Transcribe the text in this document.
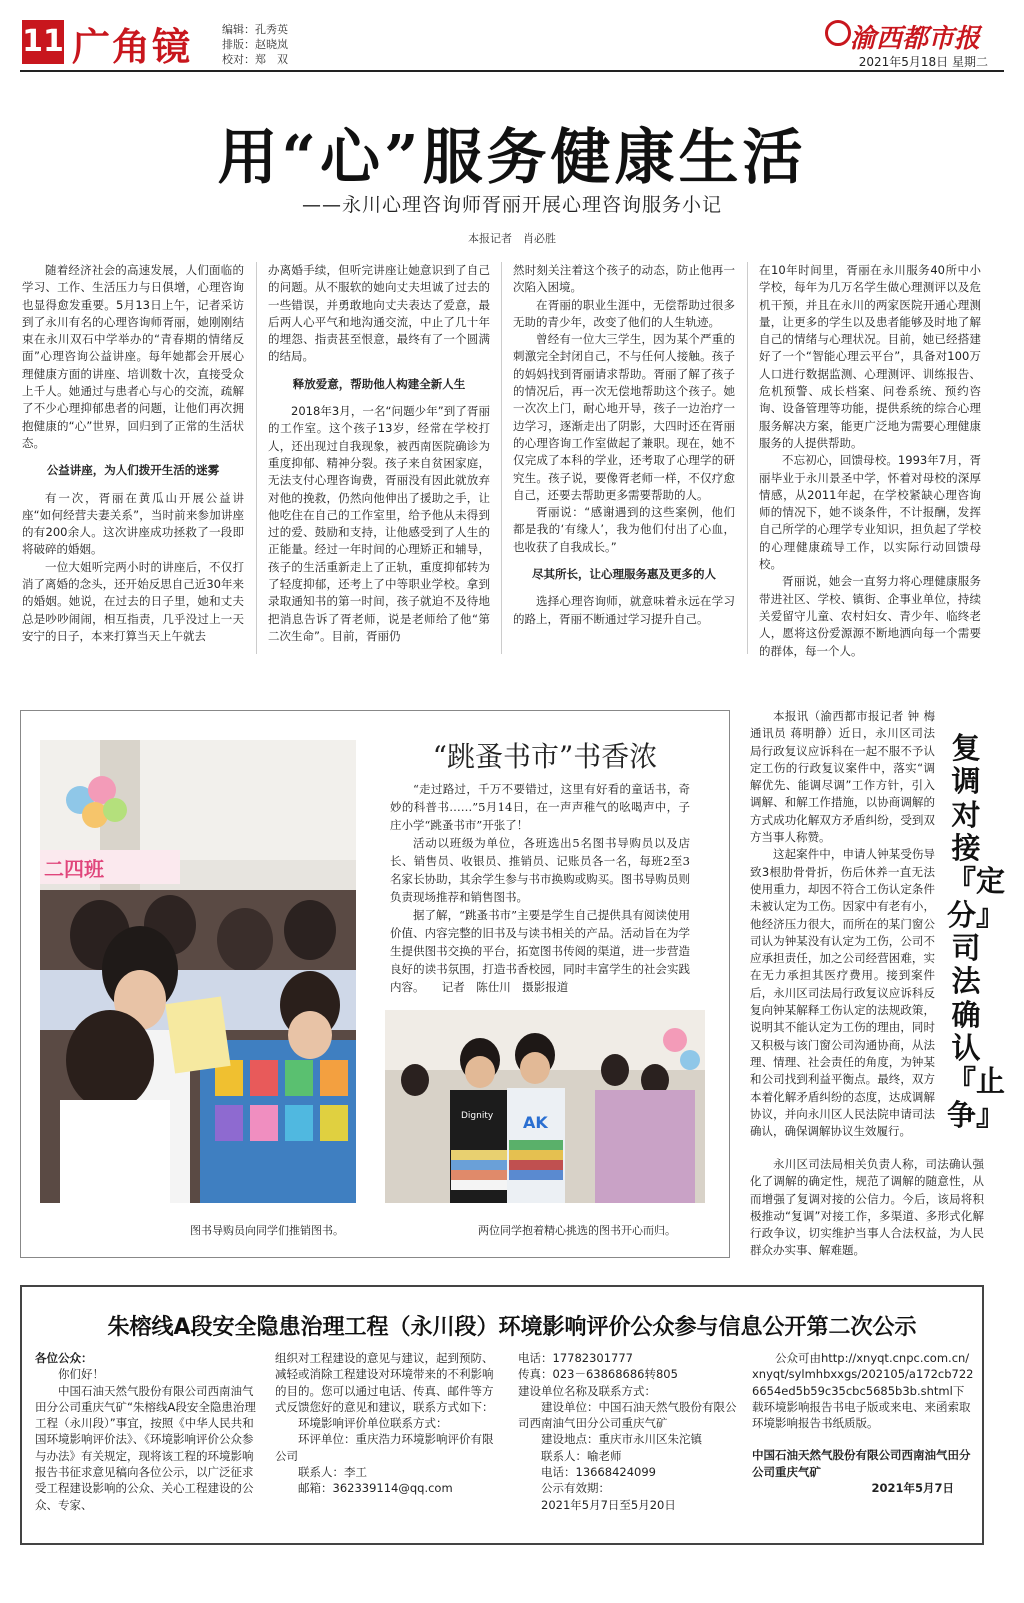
11 广角镜	编辑：孔秀英
排版：赵晓岚
校对：郑　双
渝西都市报
2021年5月18日 星期二
用“心”服务健康生活
——永川心理咨询师胥丽开展心理咨询服务小记
本报记者　肖必胜

随着经济社会的高速发展，人们面临的学习、工作、生活压力与日俱增，心理咨询也显得愈发重要。5月13日上午，记者采访到了永川有名的心理咨询师胥丽，她刚刚结束在永川双石中学举办的“青春期的情绪反面”心理咨询公益讲座。每年她都会开展心理健康方面的讲座、培训数十次，直接受众上千人。她通过与患者心与心的交流，疏解了不少心理抑郁患者的问题，让他们再次拥抱健康的“心”世界，回归到了正常的生活状态。

公益讲座，为人们拨开生活的迷雾

有一次，胥丽在黄瓜山开展公益讲座“如何经营夫妻关系”，当时前来参加讲座的有200余人。这次讲座成功拯救了一段即将破碎的婚姻。

一位大姐听完两小时的讲座后，不仅打消了离婚的念头，还开始反思自己近30年来的婚姻。她说，在过去的日子里，她和丈夫总是吵吵闹闹，相互指责，几乎没过上一天安宁的日子，本来打算当天上午就去

办离婚手续，但听完讲座让她意识到了自己的问题。从不服软的她向丈夫坦诚了过去的一些错误，并勇敢地向丈夫表达了爱意，最后两人心平气和地沟通交流，中止了几十年的埋怨、指责甚至恨意，最终有了一个圆满的结局。

释放爱意，帮助他人构建全新人生

2018年3月，一名“问题少年”到了胥丽的工作室。这个孩子13岁，经常在学校打人，还出现过自我现象，被西南医院确诊为重度抑郁、精神分裂。孩子来自贫困家庭，无法支付心理咨询费，胥丽没有因此就放弃对他的挽救，仍然向他伸出了援助之手，让他吃住在自己的工作室里，给予他从未得到过的爱、鼓励和支持，让他感受到了人生的正能量。经过一年时间的心理矫正和辅导，孩子的生活重新走上了正轨，重度抑郁转为了轻度抑郁，还考上了中等职业学校。拿到录取通知书的第一时间，孩子就迫不及待地把消息告诉了胥老师，说是老师给了他“第二次生命”。目前，胥丽仍

然时刻关注着这个孩子的动态，防止他再一次陷入困境。

在胥丽的职业生涯中，无偿帮助过很多无助的青少年，改变了他们的人生轨迹。

曾经有一位大三学生，因为某个严重的刺激完全封闭自己，不与任何人接触。孩子的妈妈找到胥丽请求帮助。胥丽了解了孩子的情况后，再一次无偿地帮助这个孩子。她一次次上门，耐心地开导，孩子一边治疗一边学习，逐渐走出了阴影，大四时还在胥丽的心理咨询工作室做起了兼职。现在，她不仅完成了本科的学业，还考取了心理学的研究生。孩子说，要像胥老师一样，不仅疗愈自己，还要去帮助更多需要帮助的人。

胥丽说：“感谢遇到的这些案例，他们都是我的‘有缘人’，我为他们付出了心血，也收获了自我成长。”

尽其所长，让心理服务惠及更多的人

选择心理咨询师，就意味着永远在学习的路上，胥丽不断通过学习提升自己。

在10年时间里，胥丽在永川服务40所中小学校，每年为几万名学生做心理测评以及危机干预，并且在永川的两家医院开通心理测量，让更多的学生以及患者能够及时地了解自己的情绪与心理状况。目前，她已经搭建好了一个“智能心理云平台”，具备对100万人口进行数据监测、心理测评、训练报告、危机预警、成长档案、问卷系统、预约咨询、设备管理等功能，提供系统的综合心理服务解决方案，能更广泛地为需要心理健康服务的人提供帮助。

不忘初心，回馈母校。1993年7月，胥丽毕业于永川景圣中学，怀着对母校的深厚情感，从2011年起，在学校紧缺心理咨询师的情况下，她不谈条件，不计报酬，发挥自己所学的心理学专业知识，担负起了学校的心理健康疏导工作，以实际行动回馈母校。

胥丽说，她会一直努力将心理健康服务带进社区、学校、镇街、企事业单位，持续关爱留守儿童、农村妇女、青少年、临终老人，愿将这份爱源源不断地洒向每一个需要的群体，每一个人。

二四班
图书导购员向同学们推销图书。
“跳蚤书市”书香浓

“走过路过，千万不要错过，这里有好看的童话书，奇妙的科普书……”5月14日，在一声声稚气的吆喝声中，子庄小学“跳蚤书市”开张了！

活动以班级为单位，各班选出5名图书导购员以及店长、销售员、收银员、推销员、记账员各一名，每班2至3名家长协助，其余学生参与书市换购或购买。图书导购员则负责现场推荐和销售图书。

据了解，“跳蚤书市”主要是学生自己提供具有阅读使用价值、内容完整的旧书及与读书相关的产品。活动旨在为学生提供图书交换的平台，拓宽图书传阅的渠道，进一步营造良好的读书氛围，打造书香校园，同时丰富学生的社会实践内容。　　记者　陈仕川　摄影报道

Dignity AK
两位同学抱着精心挑选的图书开心而归。

本报讯（渝西都市报记者 钟 梅 通讯员 蒋明静）近日，永川区司法局行政复议应诉科在一起不服不予认定工伤的行政复议案件中，落实“调解优先、能调尽调”工作方针，引入调解、和解工作措施，以协商调解的方式成功化解双方矛盾纠纷，受到双方当事人称赞。

这起案件中，申请人钟某受伤导致3根肋骨骨折，伤后休养一直无法使用重力，却因不符合工伤认定条件未被认定为工伤。因家中有老有小，他经济压力很大，而所在的某门窗公司认为钟某没有认定为工伤，公司不应承担责任，加之公司经营困难，实在无力承担其医疗费用。接到案件后，永川区司法局行政复议应诉科反复向钟某解释工伤认定的法规政策，说明其不能认定为工伤的理由，同时又积极与该门窗公司沟通协商，从法理、情理、社会责任的角度，为钟某和公司找到利益平衡点。最终，双方本着化解矛盾纠纷的态度，达成调解协议，并向永川区人民法院申请司法确认，确保调解协议生效履行。

永川区司法局相关负责人称，司法确认强化了调解的确定性，规范了调解的随意性，从而增强了复调对接的公信力。今后，该局将积极推动“复调”对接工作，多渠道、多形式化解行政争议，切实维护当事人合法权益，为人民群众办实事、解难题。

复调对接『定分』司法确认『止争』
朱榕线A段安全隐患治理工程（永川段）环境影响评价公众参与信息公开第二次公示
各位公众：

你们好！

中国石油天然气股份有限公司西南油气田分公司重庆气矿“朱榕线A段安全隐患治理工程（永川段）”事宜，按照《中华人民共和国环境影响评价法》、《环境影响评价公众参与办法》有关规定，现将该工程的环境影响报告书征求意见稿向各位公示，以广泛征求受工程建设影响的公众、关心工程建设的公众、专家、

组织对工程建设的意见与建议，起到预防、减轻或消除工程建设对环境带来的不利影响的目的。您可以通过电话、传真、邮件等方式反馈您好的意见和建议，联系方式如下：

环境影响评价单位联系方式：

环评单位：重庆浩力环境影响评价有限公司

联系人：李工

邮箱：362339114@qq.com

电话：17782301777

传真：023－63868686转805

建设单位名称及联系方式：

建设单位：中国石油天然气股份有限公司西南油气田分公司重庆气矿

建设地点：重庆市永川区朱沱镇

联系人：喻老师

电话：13668424099

公示有效期：

2021年5月7日至5月20日

公众可由http://xnyqt.cnpc.com.cn/xnyqt/sylmhbxxgs/202105/a172cb7226654ed5b59c35cbc5685b3b.shtml下载环境影响报告书电子版或来电、来函索取环境影响报告书纸质版。

中国石油天然气股份有限公司西南油气田分公司重庆气矿
2021年5月7日
